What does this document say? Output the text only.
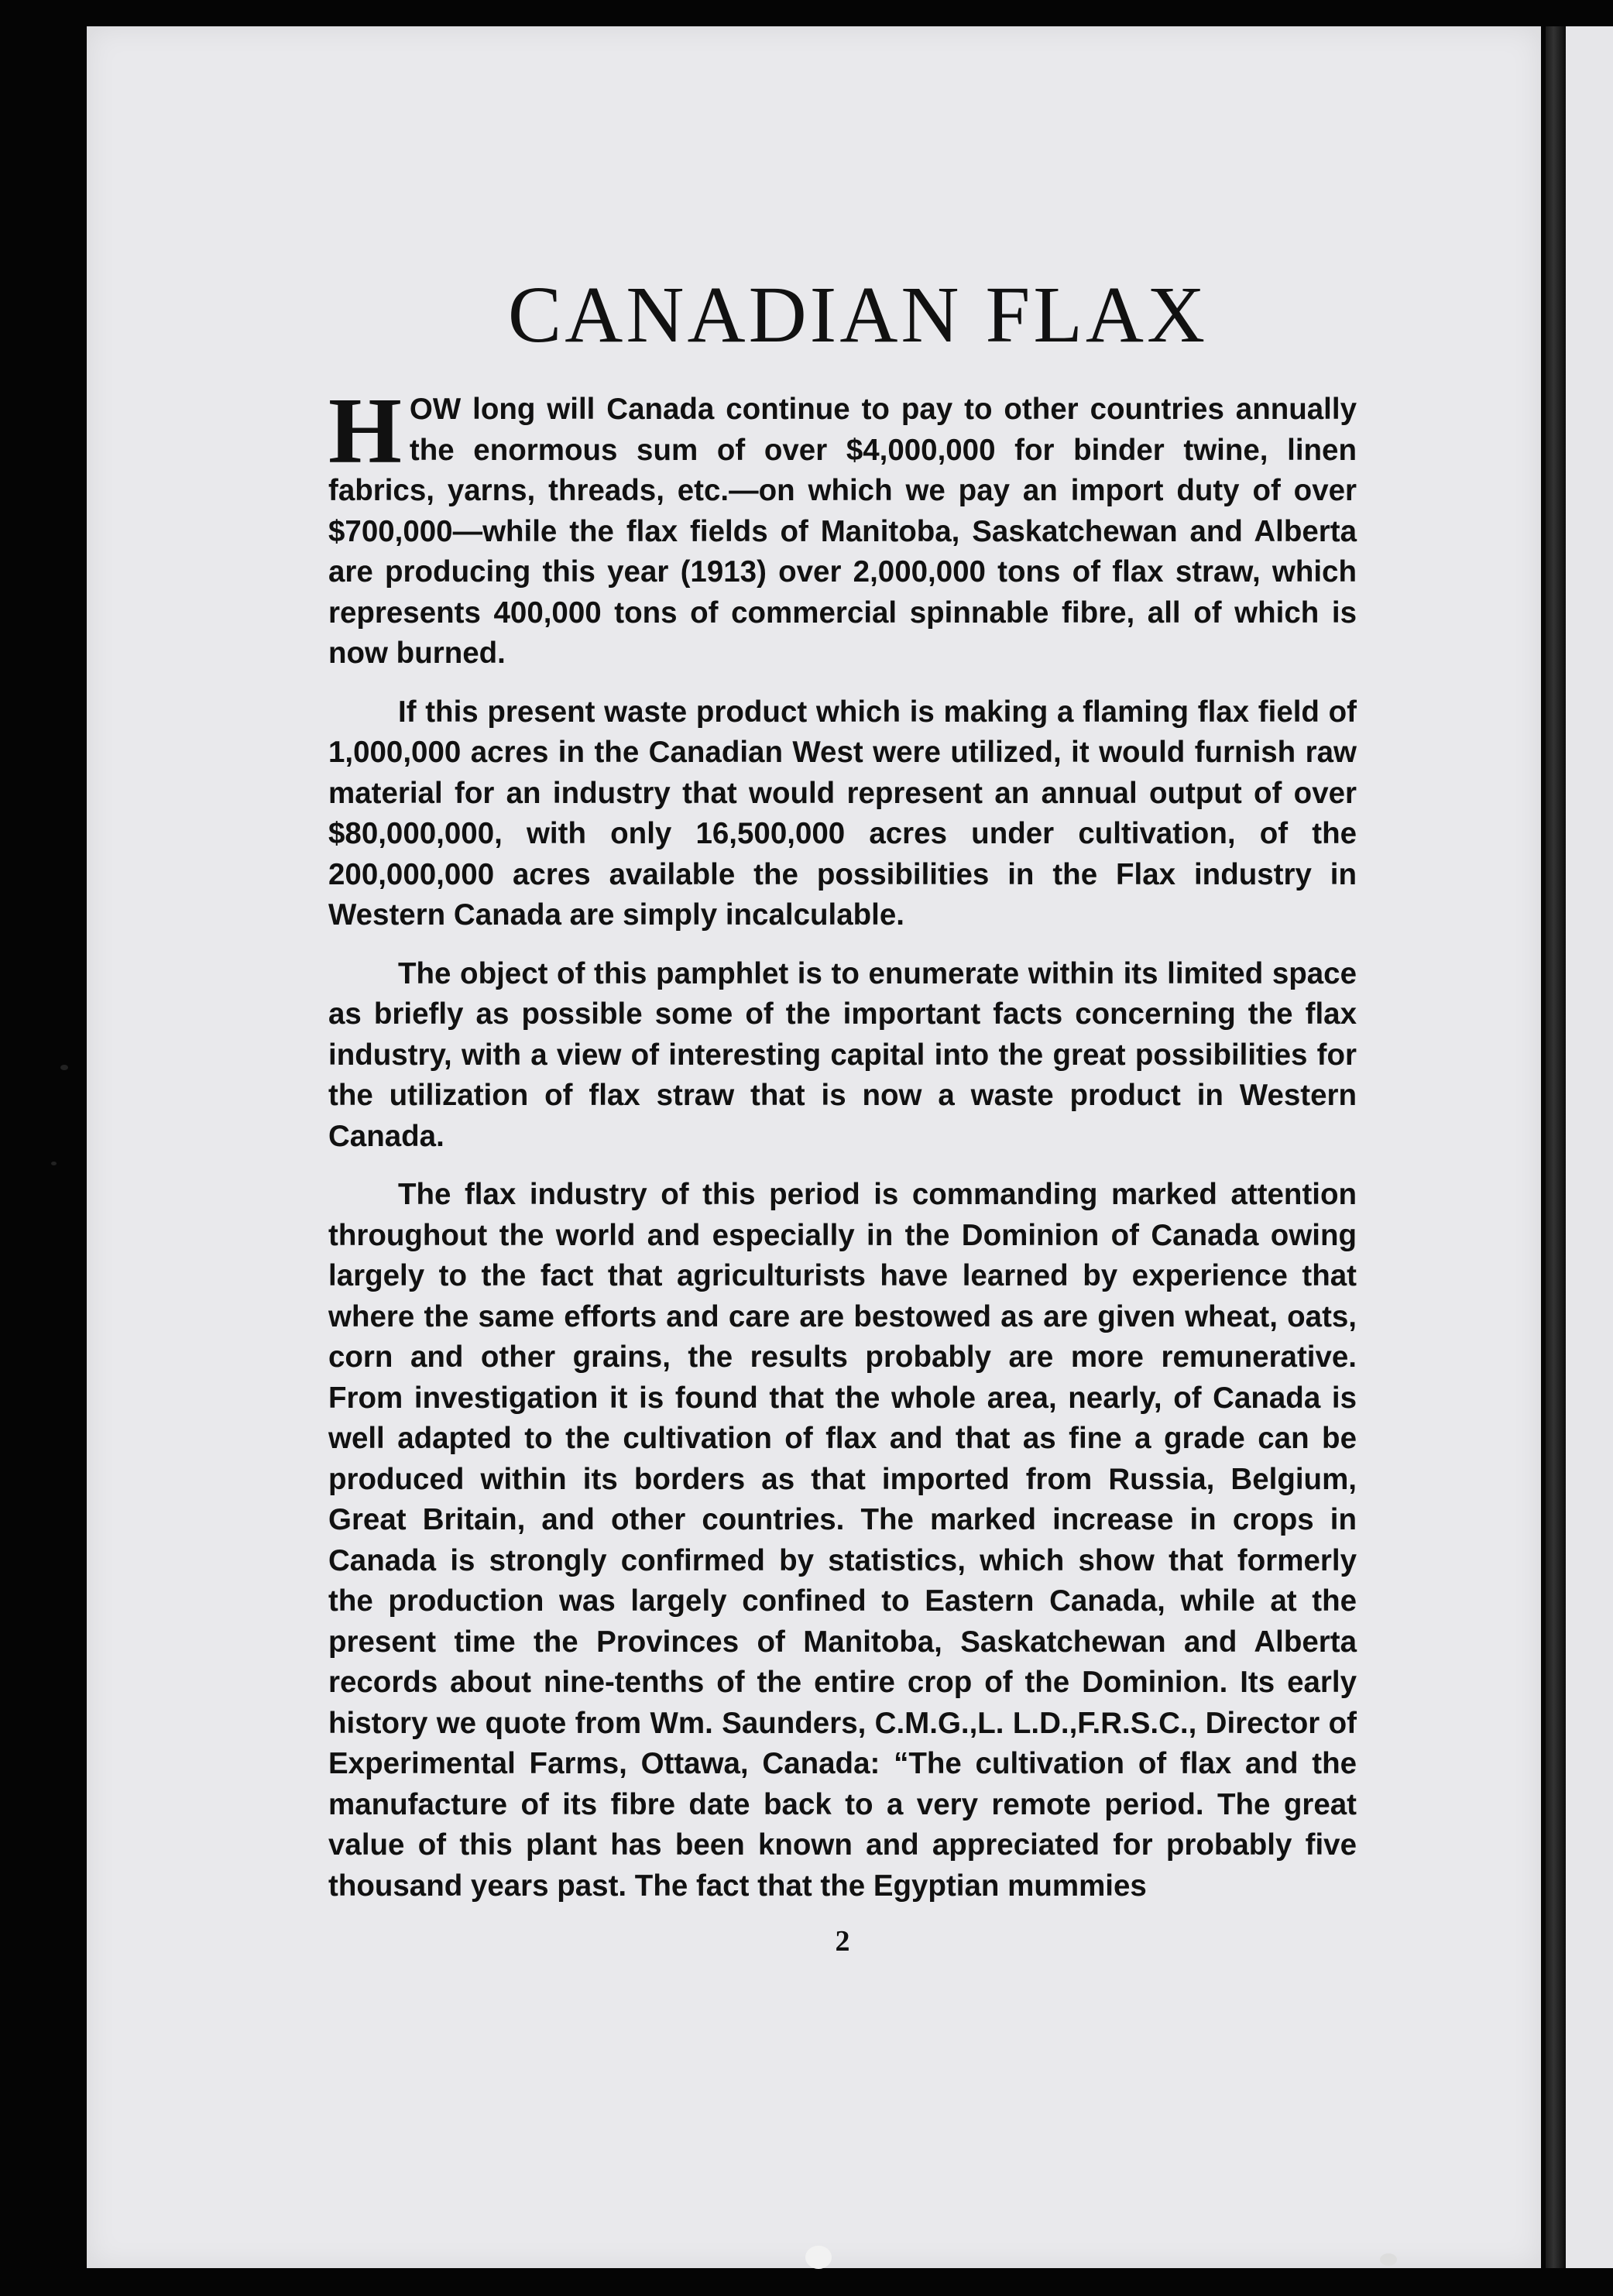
CANADIAN FLAX

H OW long will Canada continue to pay to other countries annually the enormous sum of over $4,000,000 for binder twine, linen fabrics, yarns, threads, etc.—on which we pay an import duty of over $700,000—while the flax fields of Manitoba, Saskatchewan and Alberta are producing this year (1913) over 2,000,000 tons of flax straw, which represents 400,000 tons of commercial spinnable fibre, all of which is now burned.

If this present waste product which is making a flaming flax field of 1,000,000 acres in the Canadian West were utilized, it would furnish raw material for an industry that would represent an annual output of over $80,000,000, with only 16,500,000 acres under cultivation, of the 200,000,000 acres available the possibilities in the Flax industry in Western Canada are simply incalculable.

The object of this pamphlet is to enumerate within its limited space as briefly as possible some of the important facts concerning the flax industry, with a view of interesting capital into the great possibilities for the utilization of flax straw that is now a waste product in Western Canada.

The flax industry of this period is commanding marked attention throughout the world and especially in the Dominion of Canada owing largely to the fact that agriculturists have learned by experience that where the same efforts and care are bestowed as are given wheat, oats, corn and other grains, the results probably are more remunerative. From investigation it is found that the whole area, nearly, of Canada is well adapted to the cultivation of flax and that as fine a grade can be produced within its borders as that imported from Russia, Belgium, Great Britain, and other countries. The marked increase in crops in Canada is strongly confirmed by statistics, which show that formerly the production was largely confined to Eastern Canada, while at the present time the Provinces of Manitoba, Saskatchewan and Alberta records about nine-tenths of the entire crop of the Dominion. Its early history we quote from Wm. Saunders, C.M.G.,L. L.D.,F.R.S.C., Director of Experimental Farms, Ottawa, Canada: “The cultivation of flax and the manufacture of its fibre date back to a very remote period. The great value of this plant has been known and appreciated for probably five thousand years past. The fact that the Egyptian mummies

2
